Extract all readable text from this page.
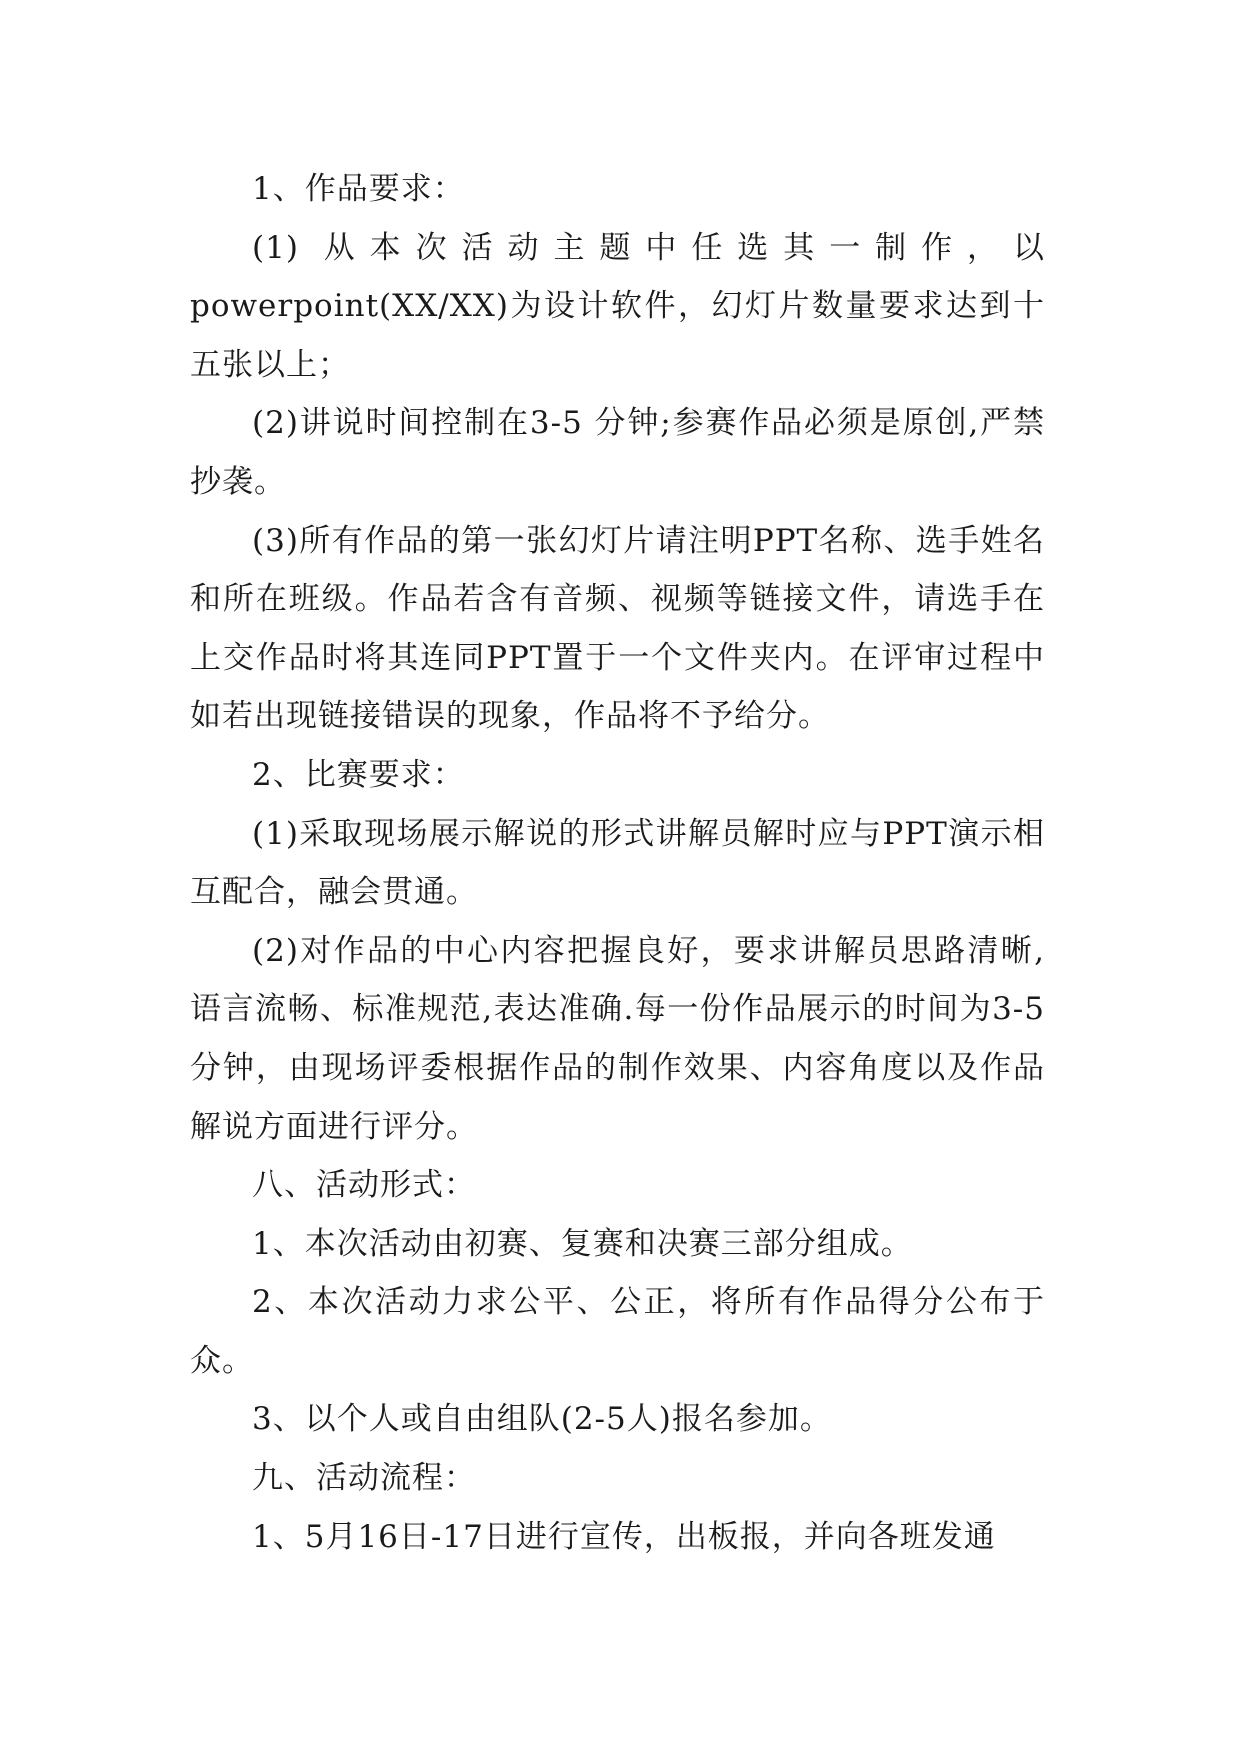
1、作品要求：

(1) 从本次活动主题中任选其一制作，以powerpoint(XX/XX)为设计软件，幻灯片数量要求达到十五张以上；

(2)讲说时间控制在3-5 分钟;参赛作品必须是原创,严禁抄袭。

(3)所有作品的第一张幻灯片请注明PPT名称、选手姓名和所在班级。作品若含有音频、视频等链接文件，请选手在上交作品时将其连同PPT置于一个文件夹内。在评审过程中如若出现链接错误的现象，作品将不予给分。

2、比赛要求：

(1)采取现场展示解说的形式讲解员解时应与PPT演示相互配合，融会贯通。

(2)对作品的中心内容把握良好，要求讲解员思路清晰,语言流畅、标准规范,表达准确.每一份作品展示的时间为3-5分钟，由现场评委根据作品的制作效果、内容角度以及作品解说方面进行评分。

八、活动形式：

1、本次活动由初赛、复赛和决赛三部分组成。

2、本次活动力求公平、公正，将所有作品得分公布于众。

3、以个人或自由组队(2-5人)报名参加。

九、活动流程：

1、5月16日-17日进行宣传，出板报，并向各班发通
